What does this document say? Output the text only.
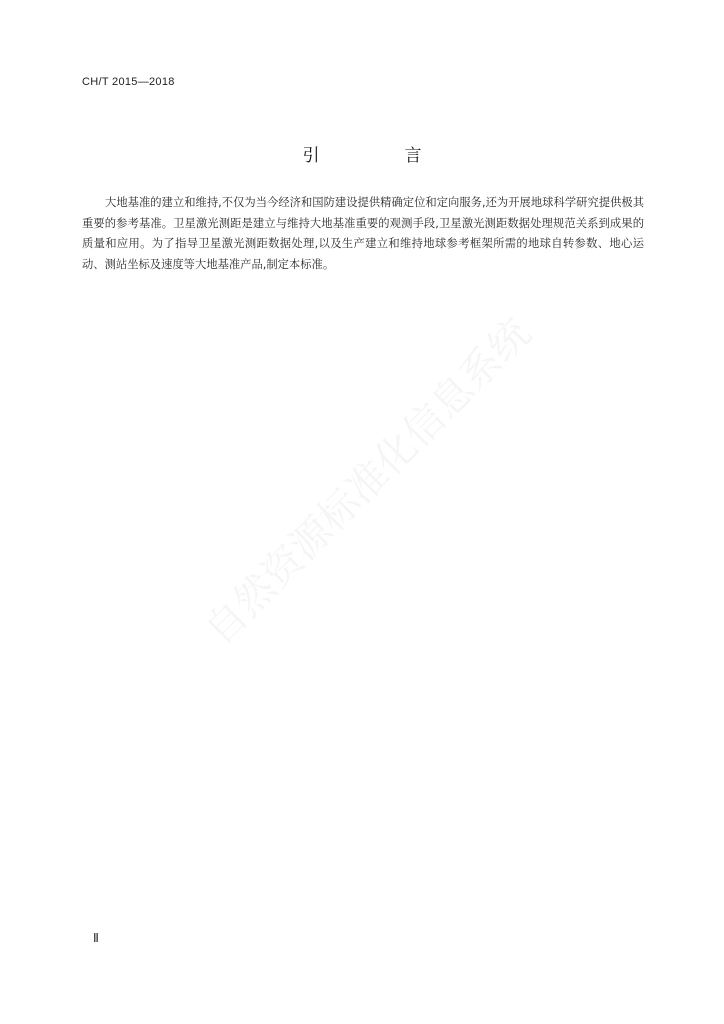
CH/T 2015—2018
引　言

大地基准的建立和维持,不仅为当今经济和国防建设提供精确定位和定向服务,还为开展地球科学研究提供极其重要的参考基准。卫星激光测距是建立与维持大地基准重要的观测手段,卫星激光测距数据处理规范关系到成果的质量和应用。为了指导卫星激光测距数据处理,以及生产建立和维持地球参考框架所需的地球自转参数、地心运动、测站坐标及速度等大地基准产品,制定本标准。

自然资源标准化信息系统
Ⅱ
